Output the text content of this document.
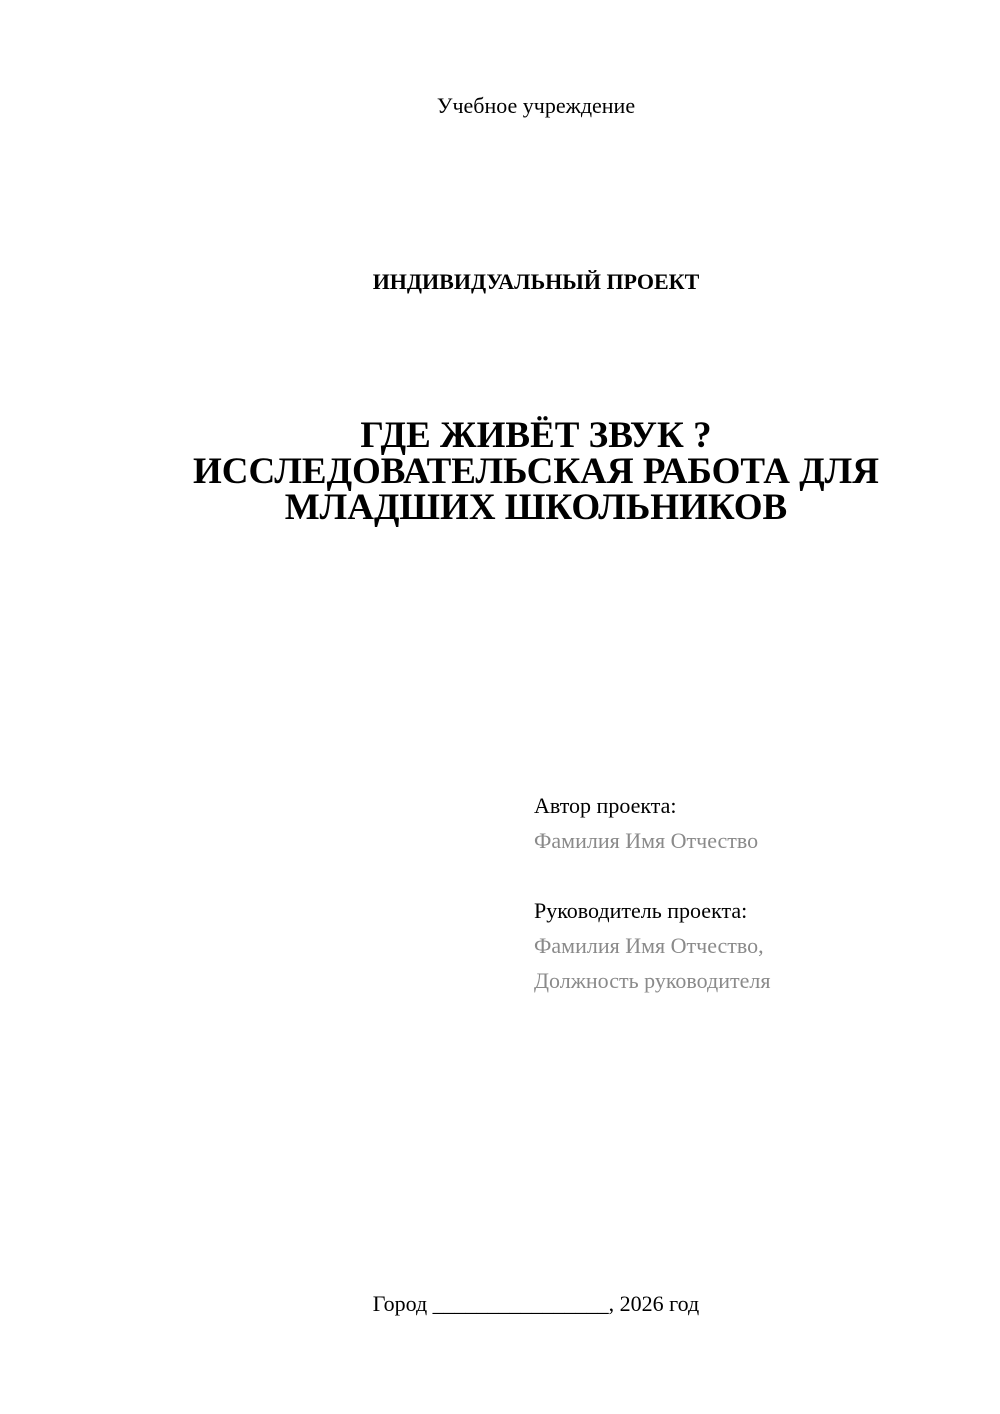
Учебное учреждение
ИНДИВИДУАЛЬНЫЙ ПРОЕКТ
ГДЕ ЖИВЁТ ЗВУК ?
ИССЛЕДОВАТЕЛЬСКАЯ РАБОТА ДЛЯ
МЛАДШИХ ШКОЛЬНИКОВ
Автор проекта:
Фамилия Имя Отчество
Руководитель проекта:
Фамилия Имя Отчество,
Должность руководителя
Город ________________, 2026 год
